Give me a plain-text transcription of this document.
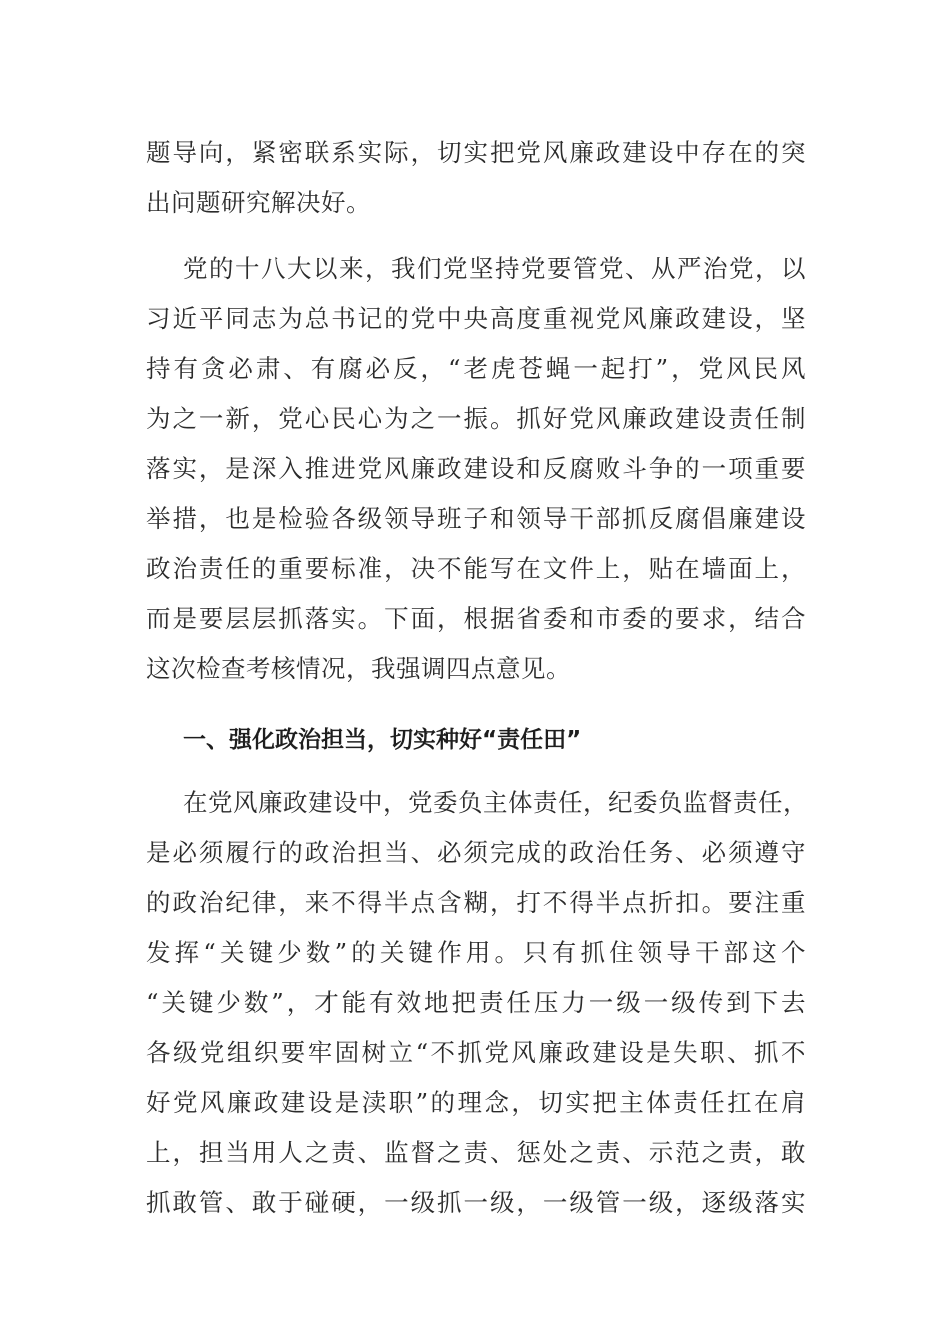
题导向，紧密联系实际，切实把党风廉政建设中存在的突
出问题研究解决好。
党的十八大以来，我们党坚持党要管党、从严治党，以
习近平同志为总书记的党中央高度重视党风廉政建设，坚
持有贪必肃、有腐必反，“老虎苍蝇一起打”，党风民风
为之一新，党心民心为之一振。抓好党风廉政建设责任制
落实，是深入推进党风廉政建设和反腐败斗争的一项重要
举措，也是检验各级领导班子和领导干部抓反腐倡廉建设
政治责任的重要标准，决不能写在文件上，贴在墙面上，
而是要层层抓落实。下面，根据省委和市委的要求，结合
这次检查考核情况，我强调四点意见。
一、强化政治担当，切实种好“责任田”
在党风廉政建设中，党委负主体责任，纪委负监督责任，
是必须履行的政治担当、必须完成的政治任务、必须遵守
的政治纪律，来不得半点含糊，打不得半点折扣。要注重
发挥“关键少数”的关键作用。只有抓住领导干部这个
“关键少数”，才能有效地把责任压力一级一级传到下去
各级党组织要牢固树立“不抓党风廉政建设是失职、抓不
好党风廉政建设是渎职”的理念，切实把主体责任扛在肩
上，担当用人之责、监督之责、惩处之责、示范之责，敢
抓敢管、敢于碰硬，一级抓一级，一级管一级，逐级落实
